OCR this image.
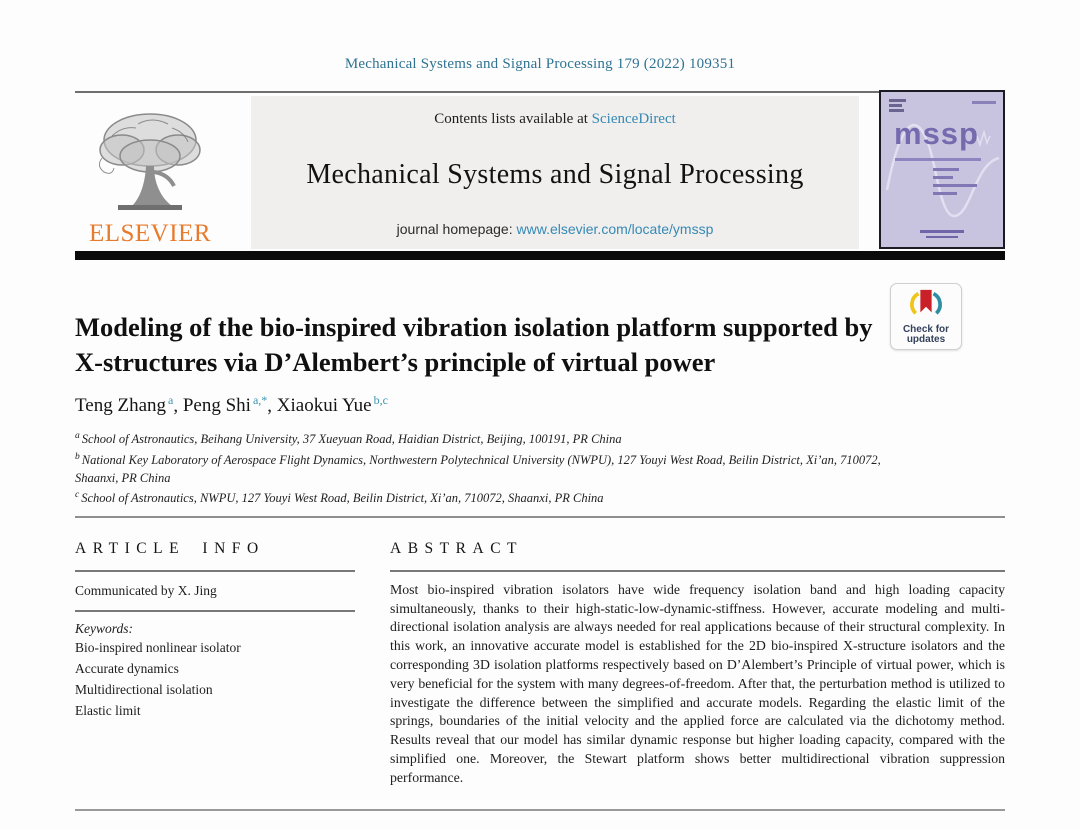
Mechanical Systems and Signal Processing 179 (2022) 109351
ELSEVIER
Contents lists available at ScienceDirect
Mechanical Systems and Signal Processing
journal homepage: www.elsevier.com/locate/ymssp
mssp
Check for
updates
Modeling of the bio-inspired vibration isolation platform supported by X-structures via D’Alembert’s principle of virtual power
Teng Zhang $^a$, Peng Shi $^{a,*}$, Xiaokui Yue $^{b,c}$
$^a$ School of Astronautics, Beihang University, 37 Xueyuan Road, Haidian District, Beijing, 100191, PR China
$^b$ National Key Laboratory of Aerospace Flight Dynamics, Northwestern Polytechnical University (NWPU), 127 Youyi West Road, Beilin District, Xi’an, 710072, Shaanxi, PR China
$^c$ School of Astronautics, NWPU, 127 Youyi West Road, Beilin District, Xi’an, 710072, Shaanxi, PR China
ARTICLE INFO
Communicated by X. Jing
Keywords:
Bio-inspired nonlinear isolator
Accurate dynamics
Multidirectional isolation
Elastic limit
ABSTRACT
Most bio-inspired vibration isolators have wide frequency isolation band and high loading capacity simultaneously, thanks to their high-static-low-dynamic-stiffness. However, accurate modeling and multi-directional isolation analysis are always needed for real applications because of their structural complexity. In this work, an innovative accurate model is established for the 2D bio-inspired X-structure isolators and the corresponding 3D isolation platforms respectively based on D’Alembert’s Principle of virtual power, which is very beneficial for the system with many degrees-of-freedom. After that, the perturbation method is utilized to investigate the difference between the simplified and accurate models. Regarding the elastic limit of the springs, boundaries of the initial velocity and the applied force are calculated via the dichotomy method. Results reveal that our model has similar dynamic response but higher loading capacity, compared with the simplified one. Moreover, the Stewart platform shows better multidirectional vibration suppression performance.
